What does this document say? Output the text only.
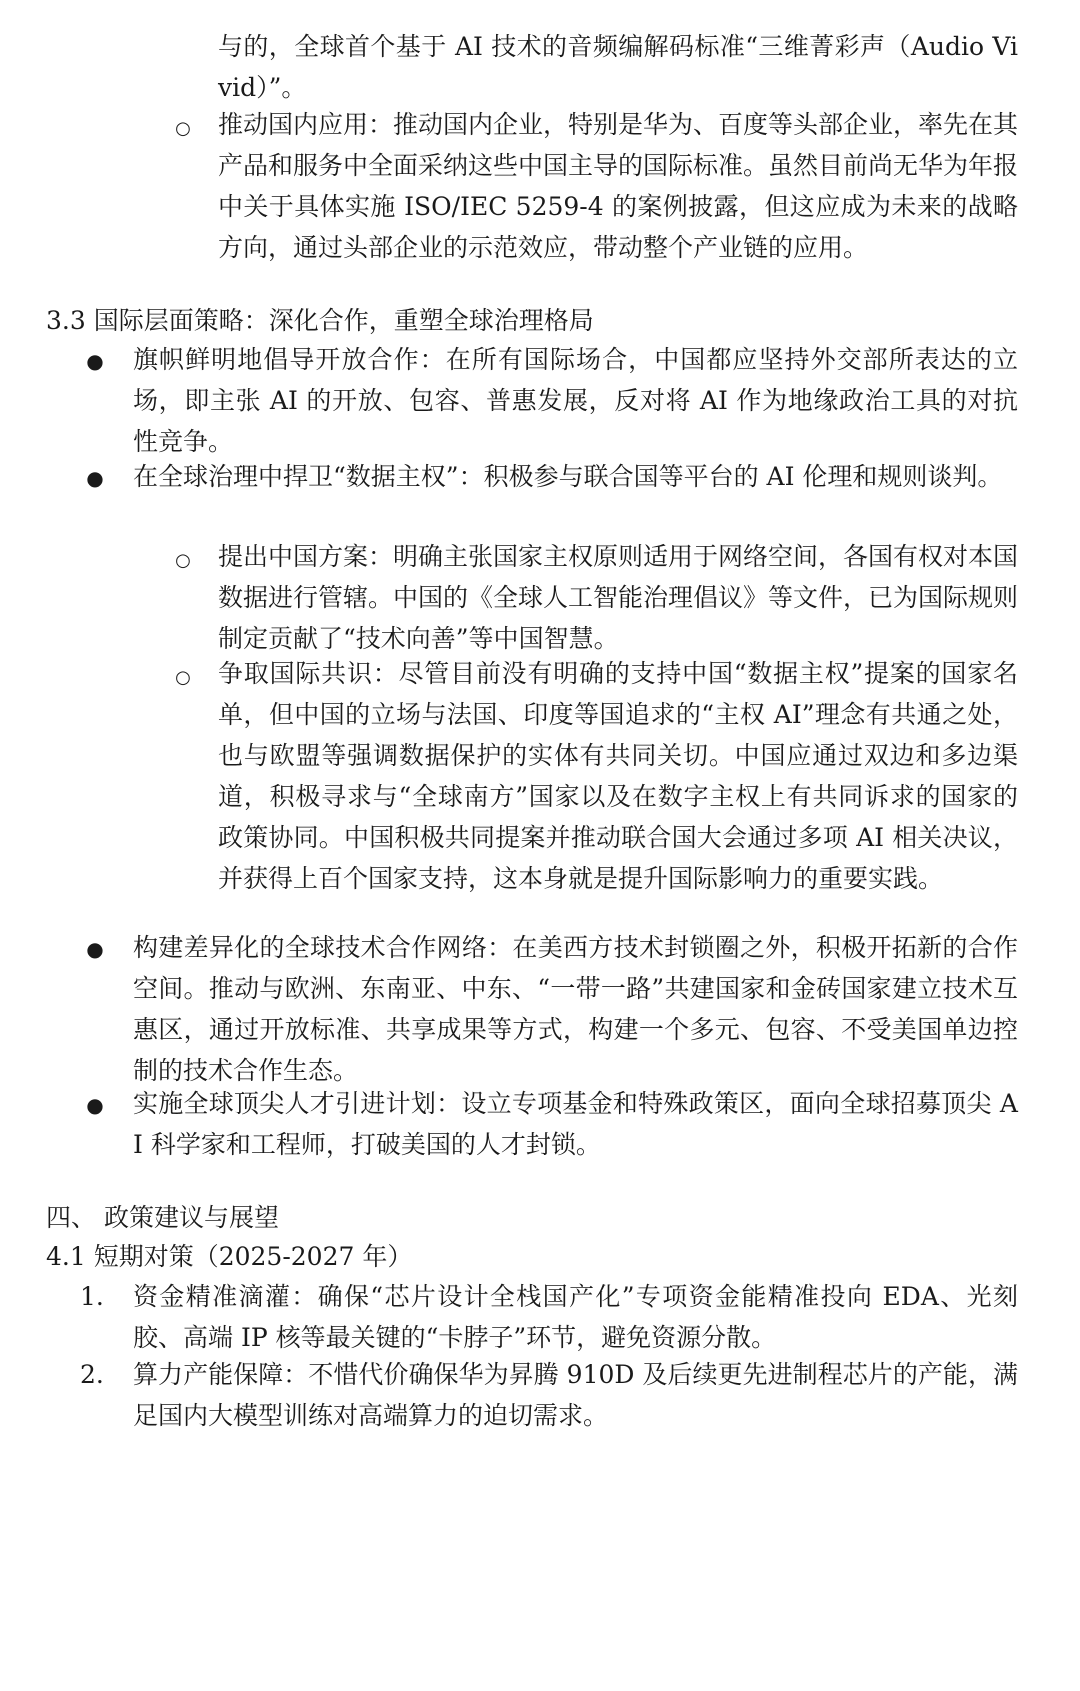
与的，全球首个基于 AI 技术的音频编解码标准“三维菁彩声（Audio Vivid）”。

○ 推动国内应用：推动国内企业，特别是华为、百度等头部企业，率先在其产品和服务中全面采纳这些中国主导的国际标准。虽然目前尚无华为年报中关于具体实施 ISO/IEC 5259-4 的案例披露，但这应成为未来的战略方向，通过头部企业的示范效应，带动整个产业链的应用。

3.3 国际层面策略：深化合作，重塑全球治理格局

● 旗帜鲜明地倡导开放合作：在所有国际场合，中国都应坚持外交部所表达的立场，即主张 AI 的开放、包容、普惠发展，反对将 AI 作为地缘政治工具的对抗性竞争。

● 在全球治理中捍卫“数据主权”：积极参与联合国等平台的 AI 伦理和规则谈判。

○ 提出中国方案：明确主张国家主权原则适用于网络空间，各国有权对本国数据进行管辖。中国的《全球人工智能治理倡议》等文件，已为国际规则制定贡献了“技术向善”等中国智慧。

○ 争取国际共识：尽管目前没有明确的支持中国“数据主权”提案的国家名单，但中国的立场与法国、印度等国追求的“主权 AI”理念有共通之处，也与欧盟等强调数据保护的实体有共同关切。中国应通过双边和多边渠道，积极寻求与“全球南方”国家以及在数字主权上有共同诉求的国家的政策协同。中国积极共同提案并推动联合国大会通过多项 AI 相关决议，并获得上百个国家支持，这本身就是提升国际影响力的重要实践。

● 构建差异化的全球技术合作网络：在美西方技术封锁圈之外，积极开拓新的合作空间。推动与欧洲、东南亚、中东、“一带一路”共建国家和金砖国家建立技术互惠区，通过开放标准、共享成果等方式，构建一个多元、包容、不受美国单边控制的技术合作生态。

● 实施全球顶尖人才引进计划：设立专项基金和特殊政策区，面向全球招募顶尖 AI 科学家和工程师，打破美国的人才封锁。

四、 政策建议与展望

4.1 短期对策（2025-2027 年）

1.	资金精准滴灌：确保“芯片设计全栈国产化”专项资金能精准投向 EDA、光刻胶、高端 IP 核等最关键的“卡脖子”环节，避免资源分散。

2.	算力产能保障：不惜代价确保华为昇腾 910D 及后续更先进制程芯片的产能，满足国内大模型训练对高端算力的迫切需求。
